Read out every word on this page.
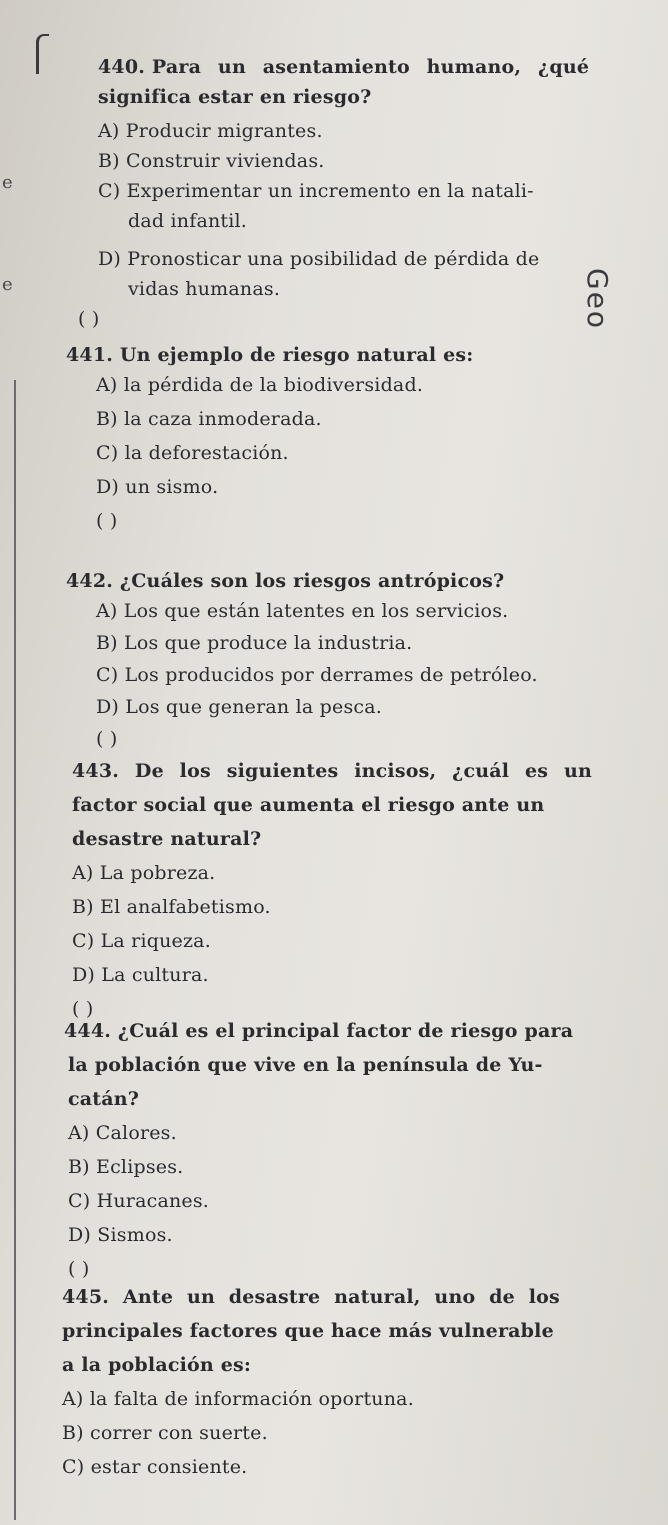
e
e	Geo
440. Para un asentamiento humano, ¿qué
significa estar en riesgo?
A) Producir migrantes.
B) Construir viviendas.
C) Experimentar un incremento en la natali-
dad infantil.
D) Pronosticar una posibilidad de pérdida de
vidas humanas.
( )
441. Un ejemplo de riesgo natural es:
A) la pérdida de la biodiversidad.
B) la caza inmoderada.
C) la deforestación.
D) un sismo.
( )
442. ¿Cuáles son los riesgos antrópicos?
A) Los que están latentes en los servicios.
B) Los que produce la industria.
C) Los producidos por derrames de petróleo.
D) Los que generan la pesca.
( )
443. De los siguientes incisos, ¿cuál es un
factor social que aumenta el riesgo ante un
desastre natural?
A) La pobreza.
B) El analfabetismo.
C) La riqueza.
D) La cultura.
( )
444. ¿Cuál es el principal factor de riesgo para
la población que vive en la península de Yu-
catán?
A) Calores.
B) Eclipses.
C) Huracanes.
D) Sismos.
( )
445. Ante un desastre natural, uno de los
principales factores que hace más vulnerable
a la población es:
A) la falta de información oportuna.
B) correr con suerte.
C) estar consiente.
